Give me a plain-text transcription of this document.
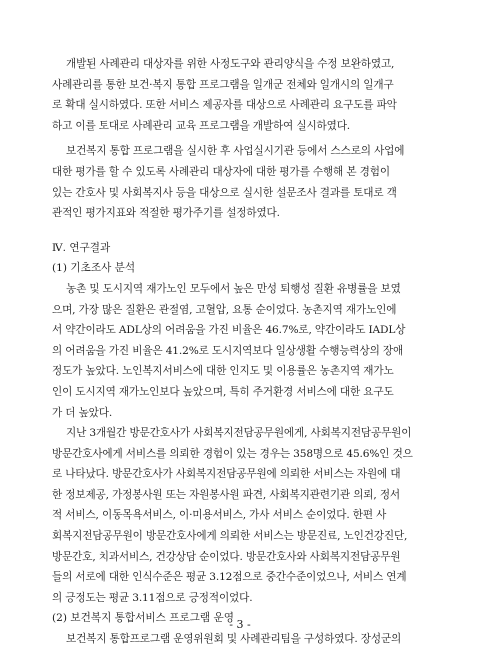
개발된 사례관리 대상자를 위한 사정도구와 관리양식을 수정 보완하였고,

사례관리를 통한 보건·복지 통합 프로그램을 일개군 전체와 일개시의 일개구

로 확대 실시하였다. 또한 서비스 제공자를 대상으로 사례관리 요구도를 파악

하고 이를 토대로 사례관리 교육 프로그램을 개발하여 실시하였다.

보건복지 통합 프로그램을 실시한 후 사업실시기관 등에서 스스로의 사업에

대한 평가를 할 수 있도록 사례관리 대상자에 대한 평가를 수행해 본 경험이

있는 간호사 및 사회복지사 등을 대상으로 실시한 설문조사 결과를 토대로 객

관적인 평가지표와 적절한 평가주기를 설정하였다.

Ⅳ. 연구결과

(1) 기초조사 분석

농촌 및 도시지역 재가노인 모두에서 높은 만성 퇴행성 질환 유병률을 보였

으며, 가장 많은 질환은 관절염, 고혈압, 요통 순이었다. 농촌지역 재가노인에

서 약간이라도 ADL상의 어려움을 가진 비율은 46.7%로, 약간이라도 IADL상

의 어려움을 가진 비율은 41.2%로 도시지역보다 일상생활 수행능력상의 장애

정도가 높았다. 노인복지서비스에 대한 인지도 및 이용률은 농촌지역 재가노

인이 도시지역 재가노인보다 높았으며, 특히 주거환경 서비스에 대한 요구도

가 더 높았다.

지난 3개월간 방문간호사가 사회복지전담공무원에게, 사회복지전담공무원이

방문간호사에게 서비스를 의뢰한 경험이 있는 경우는 358명으로 45.6%인 것으

로 나타났다. 방문간호사가 사회복지전담공무원에 의뢰한 서비스는 자원에 대

한 정보제공, 가정봉사원 또는 자원봉사원 파견, 사회복지관련기관 의뢰, 정서

적 서비스, 이동목욕서비스, 이·미용서비스, 가사 서비스 순이었다. 한편 사

회복지전담공무원이 방문간호사에게 의뢰한 서비스는 방문진료, 노인건강진단,

방문간호, 치과서비스, 건강상담 순이었다. 방문간호사와 사회복지전담공무원

들의 서로에 대한 인식수준은 평균 3.12점으로 중간수준이었으나, 서비스 연계

의 긍정도는 평균 3.11점으로 긍정적이었다.

(2) 보건복지 통합서비스 프로그램 운영

보건복지 통합프로그램 운영위원회 및 사례관리팀을 구성하였다. 장성군의

- 3 -
